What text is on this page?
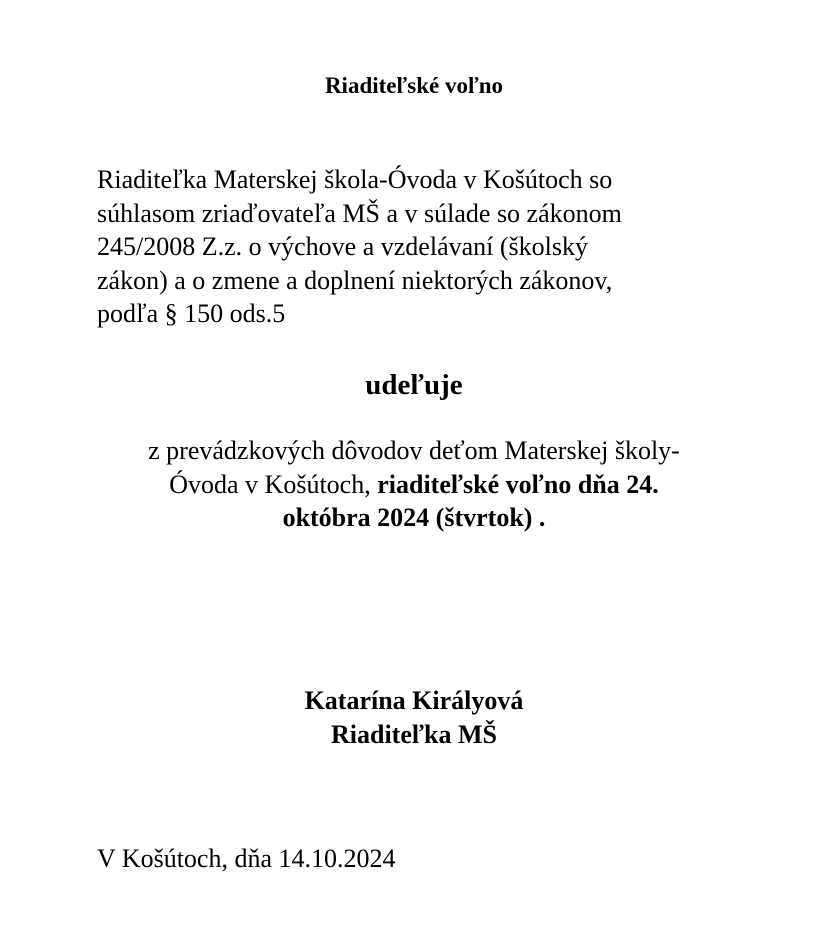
Riaditeľské voľno
Riaditeľka Materskej škola-Óvoda v Košútoch so
súhlasom zriaďovateľa MŠ a v súlade so zákonom
245/2008 Z.z. o výchove a vzdelávaní (školský
zákon) a o zmene a doplnení niektorých zákonov,
podľa § 150 ods.5
udeľuje
z prevádzkových dôvodov deťom Materskej školy-
Óvoda v Košútoch, riaditeľské voľno dňa 24.
októbra 2024 (štvrtok) .
Katarína Királyová
Riaditeľka MŠ
V Košútoch, dňa 14.10.2024
